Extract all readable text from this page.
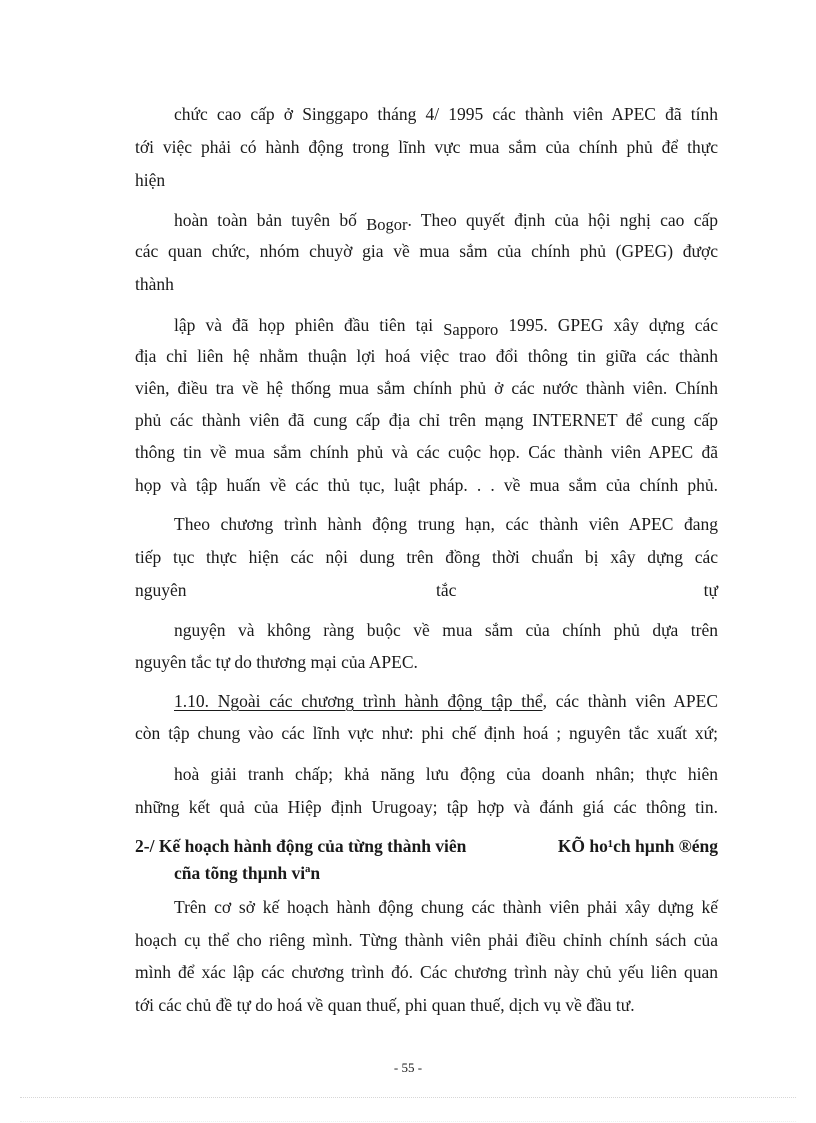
chức cao cấp ở Singgapo tháng 4/ 1995 các thành viên APEC đã tính
tới việc phải có hành động trong lĩnh vực mua sắm của chính phủ để thực
hiện
hoàn toàn bản tuyên bố Bogor. Theo quyết định của hội nghị cao cấp
các quan chức, nhóm chuyờ gia về mua sắm của chính phủ (GPEG) được
thành
lập và đã họp phiên đầu tiên tại Sapporo 1995. GPEG xây dựng các
địa chỉ liên hệ nhằm thuận lợi hoá việc trao đổi thông tin giữa các thành
viên, điều tra về hệ thống mua sắm chính phủ ở các nước thành viên. Chính
phủ các thành viên đã cung cấp địa chỉ trên mạng INTERNET để cung cấp
thông tin về mua sắm chính phủ và các cuộc họp. Các thành viên APEC đã
họp và tập huấn về các thủ tục, luật pháp. . . về mua sắm của chính phủ.
Theo chương trình hành động trung hạn, các thành viên APEC đang
tiếp tục thực hiện các nội dung trên đồng thời chuẩn bị xây dựng các
nguyên	tắc	tự
nguyện và không ràng buộc về mua sắm của chính phủ dựa trên
nguyên tắc tự do thương mại của APEC.
1.10. Ngoài các chương trình hành động tập thể, các thành viên APEC
còn tập chung vào các lĩnh vực như: phi chế định hoá ; nguyên tắc xuất xứ;
hoà giải tranh chấp; khả năng lưu động của doanh nhân; thực hiên
những kết quả của Hiệp định Urugoay; tập hợp và đánh giá các thông tin.
2-/ Kế hoạch hành động của từng thành viên	KÕ ho¹ch hµnh ®éng
cña tõng thµnh viªn
Trên cơ sở kế hoạch hành động chung các thành viên phải xây dựng kế
hoạch cụ thể cho riêng mình. Từng thành viên phải điều chỉnh chính sách của
mình để xác lập các chương trình đó. Các chương trình này chủ yếu liên quan
tới các chủ đề tự do hoá về quan thuế, phi quan thuế, dịch vụ về đầu tư.
- 55 -
